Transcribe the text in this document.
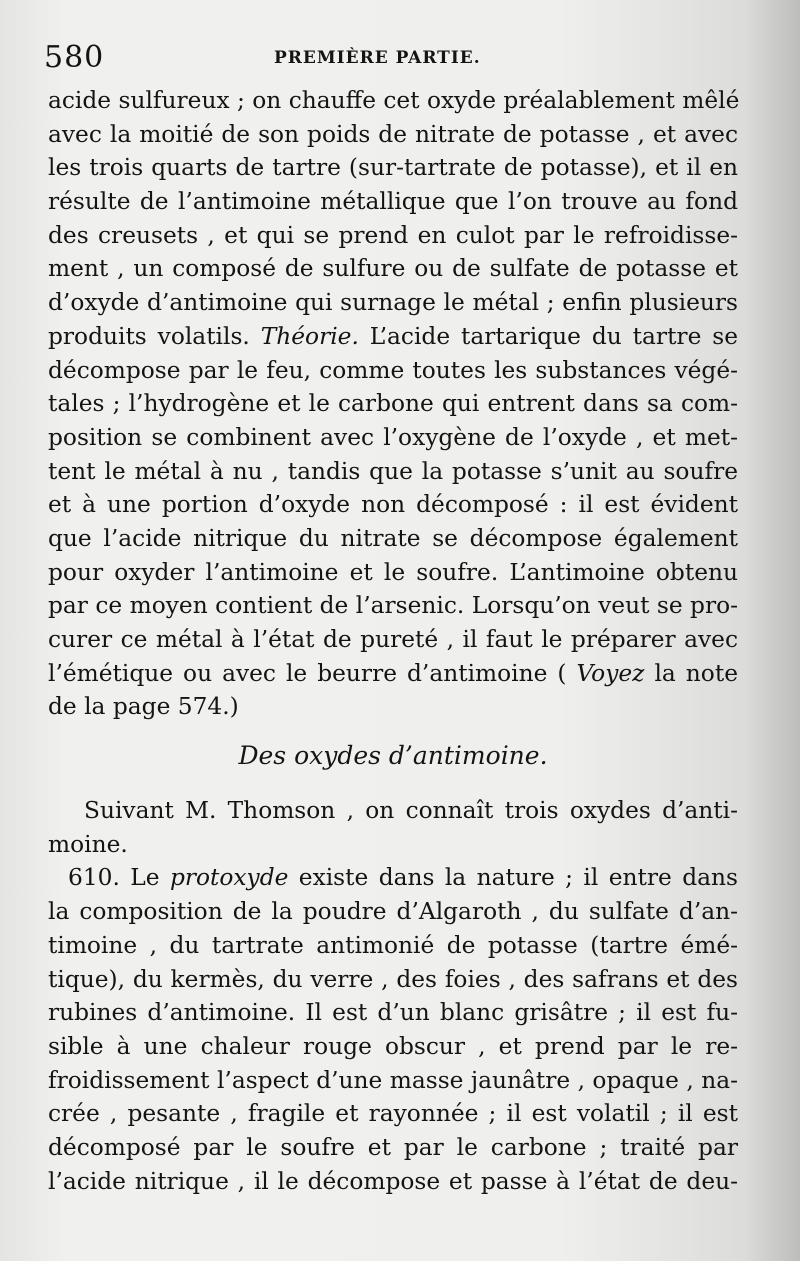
580	PREMIÈRE PARTIE.
acide sulfureux ; on chauffe cet oxyde préalablement mêlé
avec la moitié de son poids de nitrate de potasse , et avec
les trois quarts de tartre (sur-tartrate de potasse), et il en
résulte de l’antimoine métallique que l’on trouve au fond
des creusets , et qui se prend en culot par le refroidisse-
ment , un composé de sulfure ou de sulfate de potasse et
d’oxyde d’antimoine qui surnage le métal ; enfin plusieurs
produits volatils. Théorie. L’acide tartarique du tartre se
décompose par le feu, comme toutes les substances végé-
tales ; l’hydrogène et le carbone qui entrent dans sa com-
position se combinent avec l’oxygène de l’oxyde , et met-
tent le métal à nu , tandis que la potasse s’unit au soufre
et à une portion d’oxyde non décomposé : il est évident
que l’acide nitrique du nitrate se décompose également
pour oxyder l’antimoine et le soufre. L’antimoine obtenu
par ce moyen contient de l’arsenic. Lorsqu’on veut se pro-
curer ce métal à l’état de pureté , il faut le préparer avec
l’émétique ou avec le beurre d’antimoine ( Voyez la note
de la page 574.)
Des oxydes d’antimoine.
Suivant M. Thomson , on connaît trois oxydes d’anti-
moine.
610. Le protoxyde existe dans la nature ; il entre dans
la composition de la poudre d’Algaroth , du sulfate d’an-
timoine , du tartrate antimonié de potasse (tartre émé-
tique), du kermès, du verre , des foies , des safrans et des
rubines d’antimoine. Il est d’un blanc grisâtre ; il est fu-
sible à une chaleur rouge obscur , et prend par le re-
froidissement l’aspect d’une masse jaunâtre , opaque , na-
crée , pesante , fragile et rayonnée ; il est volatil ; il est
décomposé par le soufre et par le carbone ; traité par
l’acide nitrique , il le décompose et passe à l’état de deu-
